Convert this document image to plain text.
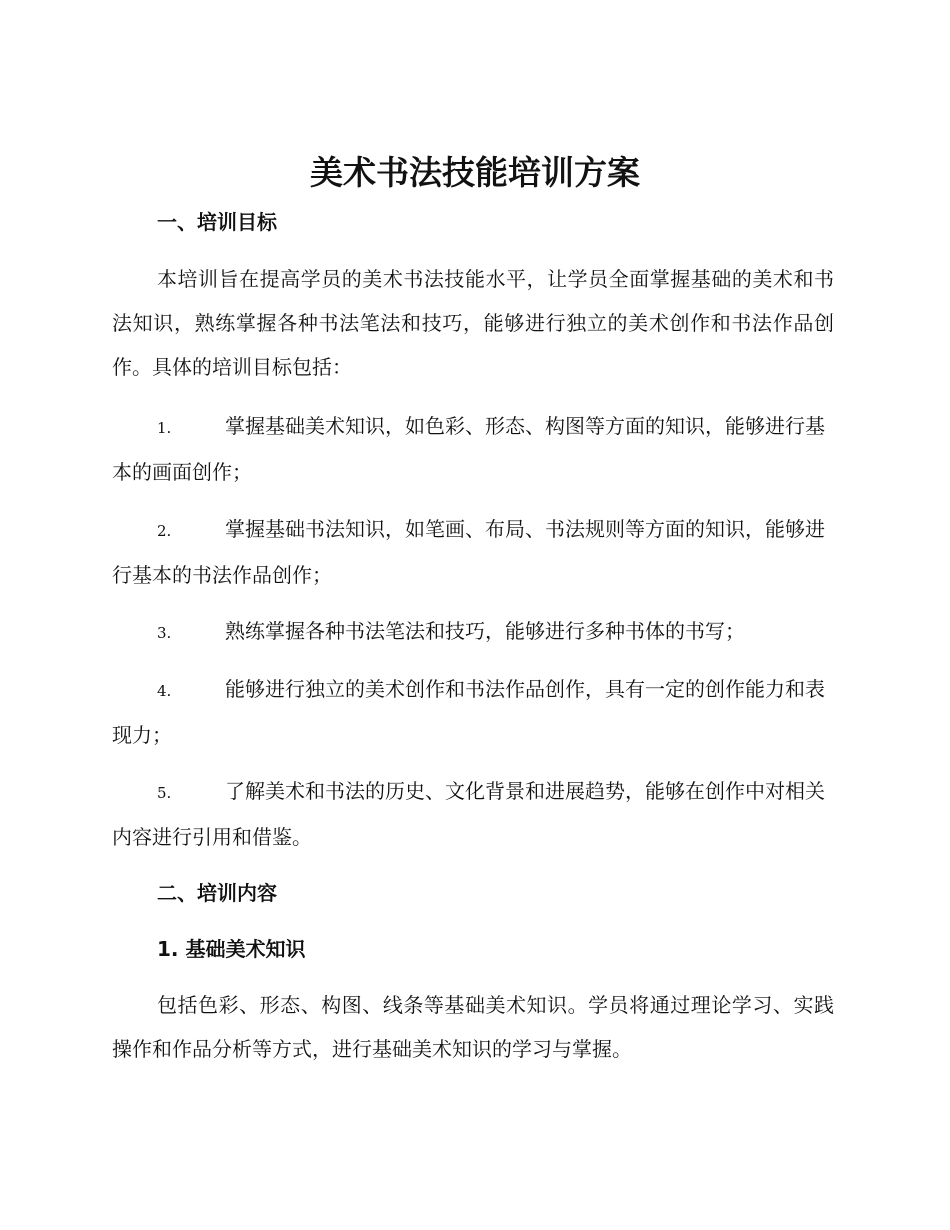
美术书法技能培训方案
一、培训目标
本培训旨在提高学员的美术书法技能水平，让学员全面掌握基础的美术和书法知识，熟练掌握各种书法笔法和技巧，能够进行独立的美术创作和书法作品创作。具体的培训目标包括：
1.	掌握基础美术知识，如色彩、形态、构图等方面的知识，能够进行基本的画面创作；
2.	掌握基础书法知识，如笔画、布局、书法规则等方面的知识，能够进行基本的书法作品创作；
3.	熟练掌握各种书法笔法和技巧，能够进行多种书体的书写；
4.	能够进行独立的美术创作和书法作品创作，具有一定的创作能力和表现力；
5.	了解美术和书法的历史、文化背景和进展趋势，能够在创作中对相关内容进行引用和借鉴。
二、培训内容
1. 基础美术知识
包括色彩、形态、构图、线条等基础美术知识。学员将通过理论学习、实践操作和作品分析等方式，进行基础美术知识的学习与掌握。
